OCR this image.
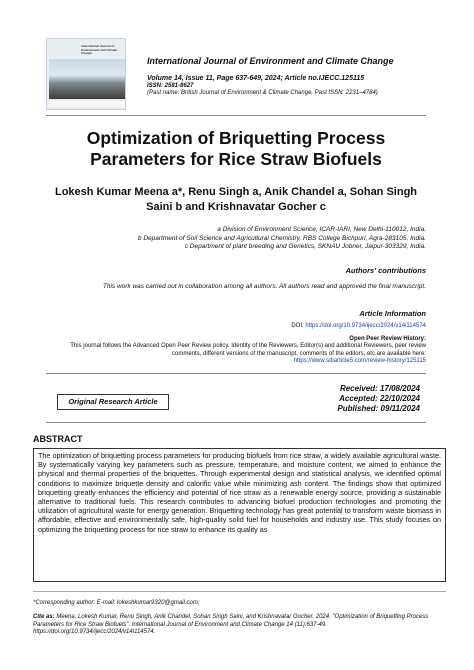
International Journal of Environment and Climate Change
International Journal of Environment and Climate Change
Volume 14, Issue 11, Page 637-649, 2024; Article no.IJECC.125115
ISSN: 2581-8627
(Past name: British Journal of Environment & Climate Change, Past ISSN: 2231–4784)
Optimization of Briquetting Process Parameters for Rice Straw Biofuels
Lokesh Kumar Meena a*, Renu Singh a, Anik Chandel a, Sohan Singh Saini b and Krishnavatar Gocher c
a Division of Environment Science, ICAR-IARI, New Delhi-110012, India.
b Department of Soil Science and Agricultural Chemistry, RBS College Bichpuri, Agra-283105, India.
c Department of plant breeding and Genetics, SKNAU Jobner, Jaipur-303329, India.
Authors' contributions
This work was carried out in collaboration among all authors. All authors read and approved the final manuscript.
Article Information
DOI: https://doi.org/10.9734/ijecc/2024/v14i114574
Open Peer Review History:
This journal follows the Advanced Open Peer Review policy. Identity of the Reviewers, Editor(s) and additional Reviewers, peer review comments, different versions of the manuscript, comments of the editors, etc are available here:
https://www.sdiarticle5.com/review-history/125115
Original Research Article
Received: 17/08/2024
Accepted: 22/10/2024
Published: 09/11/2024
ABSTRACT
The optimization of briquetting process parameters for producing biofuels from rice straw, a widely available agricultural waste. By systematically varying key parameters such as pressure, temperature, and moisture content, we aimed to enhance the physical and thermal properties of the briquettes. Through experimental design and statistical analysis, we identified optimal conditions to maximize briquette density and calorific value while minimizing ash content. The findings show that optimized briquetting greatly enhances the efficiency and potential of rice straw as a renewable energy source, providing a sustainable alternative to traditional fuels. This research contributes to advancing biofuel production technologies and promoting the utilization of agricultural waste for energy generation. Briquetting technology has great potential to transform waste biomass in affordable, effective and environmentally safe, high-quality solid fuel for households and industry use. This study focuses on optimizing the briquetting process for rice straw to enhance its quality as
*Corresponding author: E-mail: lokeshkumar9320@gmail.com;
Cite as: Meena, Lokesh Kumar, Renu Singh, Anik Chandel, Sohan Singh Saini, and Krishnavatar Gocher. 2024. "Optimization of Briquetting Process Parameters for Rice Straw Biofuels". International Journal of Environment and Climate Change 14 (11):637-49. https://doi.org/10.9734/ijecc/2024/v14i114574.
